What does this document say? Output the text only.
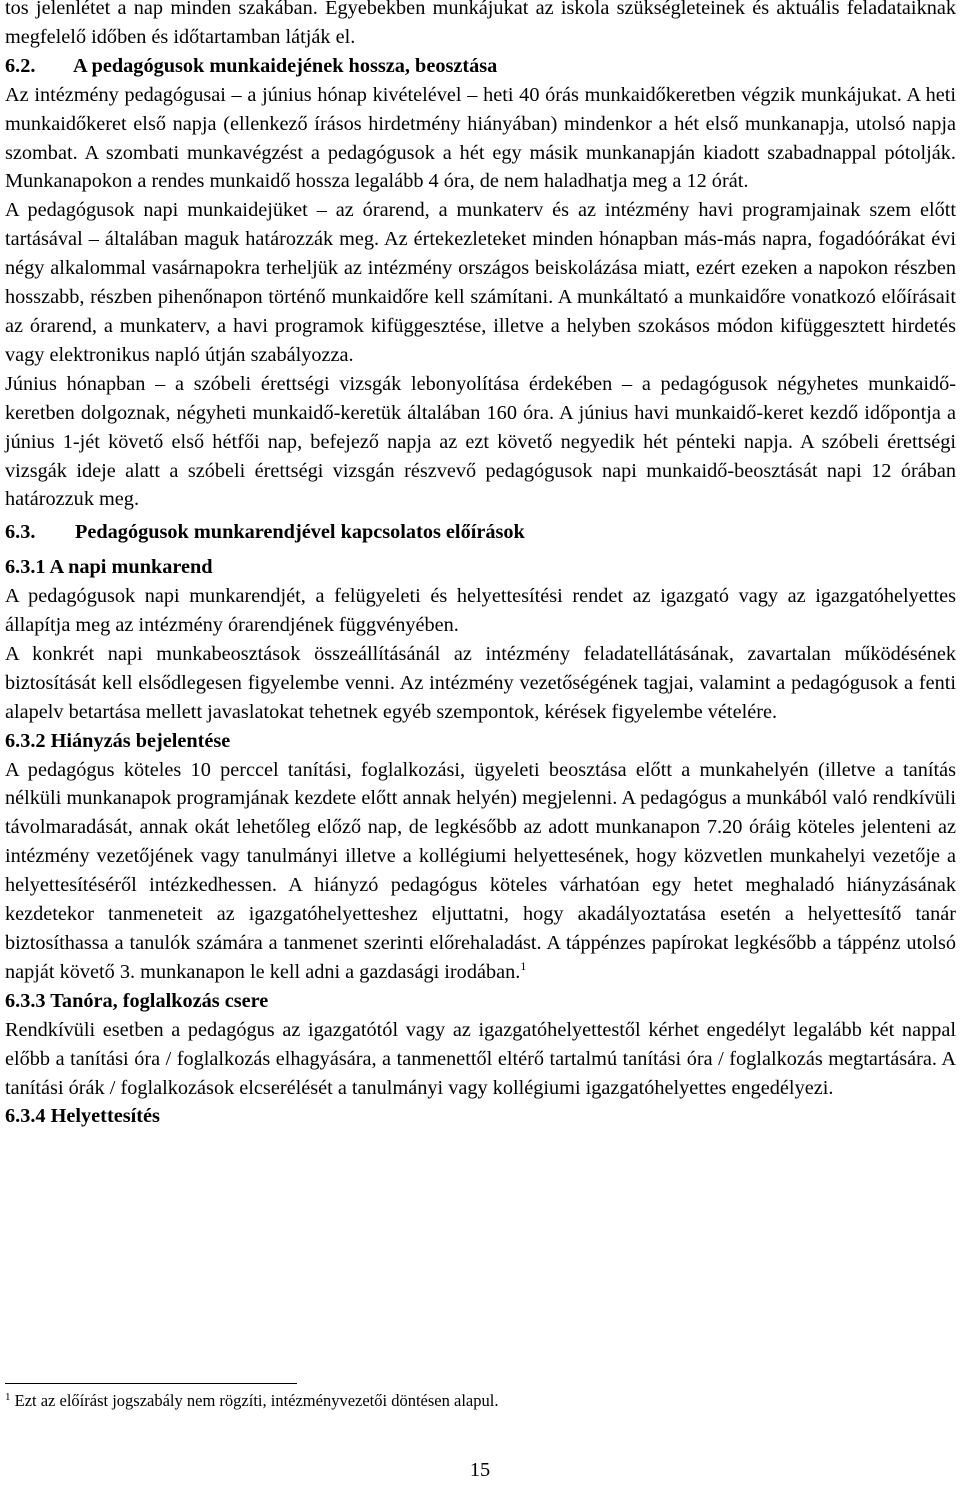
tos jelenlétet a nap minden szakában. Egyebekben munkájukat az iskola szükségleteinek és aktuális feladataiknak megfelelő időben és időtartamban látják el.

6.2. A pedagógusok munkaidejének hossza, beosztása

Az intézmény pedagógusai ‒ a június hónap kivételével ‒ heti 40 órás munkaidőkeretben végzik munkájukat. A heti munkaidőkeret első napja (ellenkező írásos hirdetmény hiányában) mindenkor a hét első munkanapja, utolsó napja szombat. A szombati munkavégzést a pedagógusok a hét egy másik munkanapján kiadott szabadnappal pótolják. Munkanapokon a rendes munkaidő hossza legalább 4 óra, de nem haladhatja meg a 12 órát.

A pedagógusok napi munkaidejüket ‒ az órarend, a munkaterv és az intézmény havi programjainak szem előtt tartásával ‒ általában maguk határozzák meg. Az értekezleteket minden hónapban más-más napra, fogadóórákat évi négy alkalommal vasárnapokra terheljük az intézmény országos beiskolázása miatt, ezért ezeken a napokon részben hosszabb, részben pihenőnapon történő munkaidőre kell számítani. A munkáltató a munkaidőre vonatkozó előírásait az órarend, a munkaterv, a havi programok kifüggesztése, illetve a helyben szokásos módon kifüggesztett hirdetés vagy elektronikus napló útján szabályozza.

Június hónapban ‒ a szóbeli érettségi vizsgák lebonyolítása érdekében ‒ a pedagógusok négyhetes munkaidő-keretben dolgoznak, négyheti munkaidő-keretük általában 160 óra. A június havi munkaidő-keret kezdő időpontja a június 1-jét követő első hétfői nap, befejező napja az ezt követő negyedik hét pénteki napja. A szóbeli érettségi vizsgák ideje alatt a szóbeli érettségi vizsgán részvevő pedagógusok napi munkaidő-beosztását napi 12 órában határozzuk meg.

6.3. Pedagógusok munkarendjével kapcsolatos előírások
6.3.1 A napi munkarend

A pedagógusok napi munkarendjét, a felügyeleti és helyettesítési rendet az igazgató vagy az igazgatóhelyettes állapítja meg az intézmény órarendjének függvényében.

A konkrét napi munkabeosztások összeállításánál az intézmény feladatellátásának, zavartalan működésének biztosítását kell elsődlegesen figyelembe venni. Az intézmény vezetőségének tagjai, valamint a pedagógusok a fenti alapelv betartása mellett javaslatokat tehetnek egyéb szempontok, kérések figyelembe vételére.

6.3.2 Hiányzás bejelentése

A pedagógus köteles 10 perccel tanítási, foglalkozási, ügyeleti beosztása előtt a munkahelyén (illetve a tanítás nélküli munkanapok programjának kezdete előtt annak helyén) megjelenni. A pedagógus a munkából való rendkívüli távolmaradását, annak okát lehetőleg előző nap, de legkésőbb az adott munkanapon 7.20 óráig köteles jelenteni az intézmény vezetőjének vagy tanulmányi illetve a kollégiumi helyettesének, hogy közvetlen munkahelyi vezetője a helyettesítéséről intézkedhessen. A hiányzó pedagógus köteles várhatóan egy hetet meghaladó hiányzásának kezdetekor tanmeneteit az igazgatóhelyetteshez eljuttatni, hogy akadályoztatása esetén a helyettesítő tanár biztosíthassa a tanulók számára a tanmenet szerinti előrehaladást. A táppénzes papírokat legkésőbb a táppénz utolsó napját követő 3. munkanapon le kell adni a gazdasági irodában.$^1$

6.3.3 Tanóra, foglalkozás csere

Rendkívüli esetben a pedagógus az igazgatótól vagy az igazgatóhelyettestől kérhet engedélyt legalább két nappal előbb a tanítási óra / foglalkozás elhagyására, a tanmenettől eltérő tartalmú tanítási óra / foglalkozás megtartására. A tanítási órák / foglalkozások elcserélését a tanulmányi vagy kollégiumi igazgatóhelyettes engedélyezi.

6.3.4 Helyettesítés
$^1$ Ezt az előírást jogszabály nem rögzíti, intézményvezetői döntésen alapul.
15
